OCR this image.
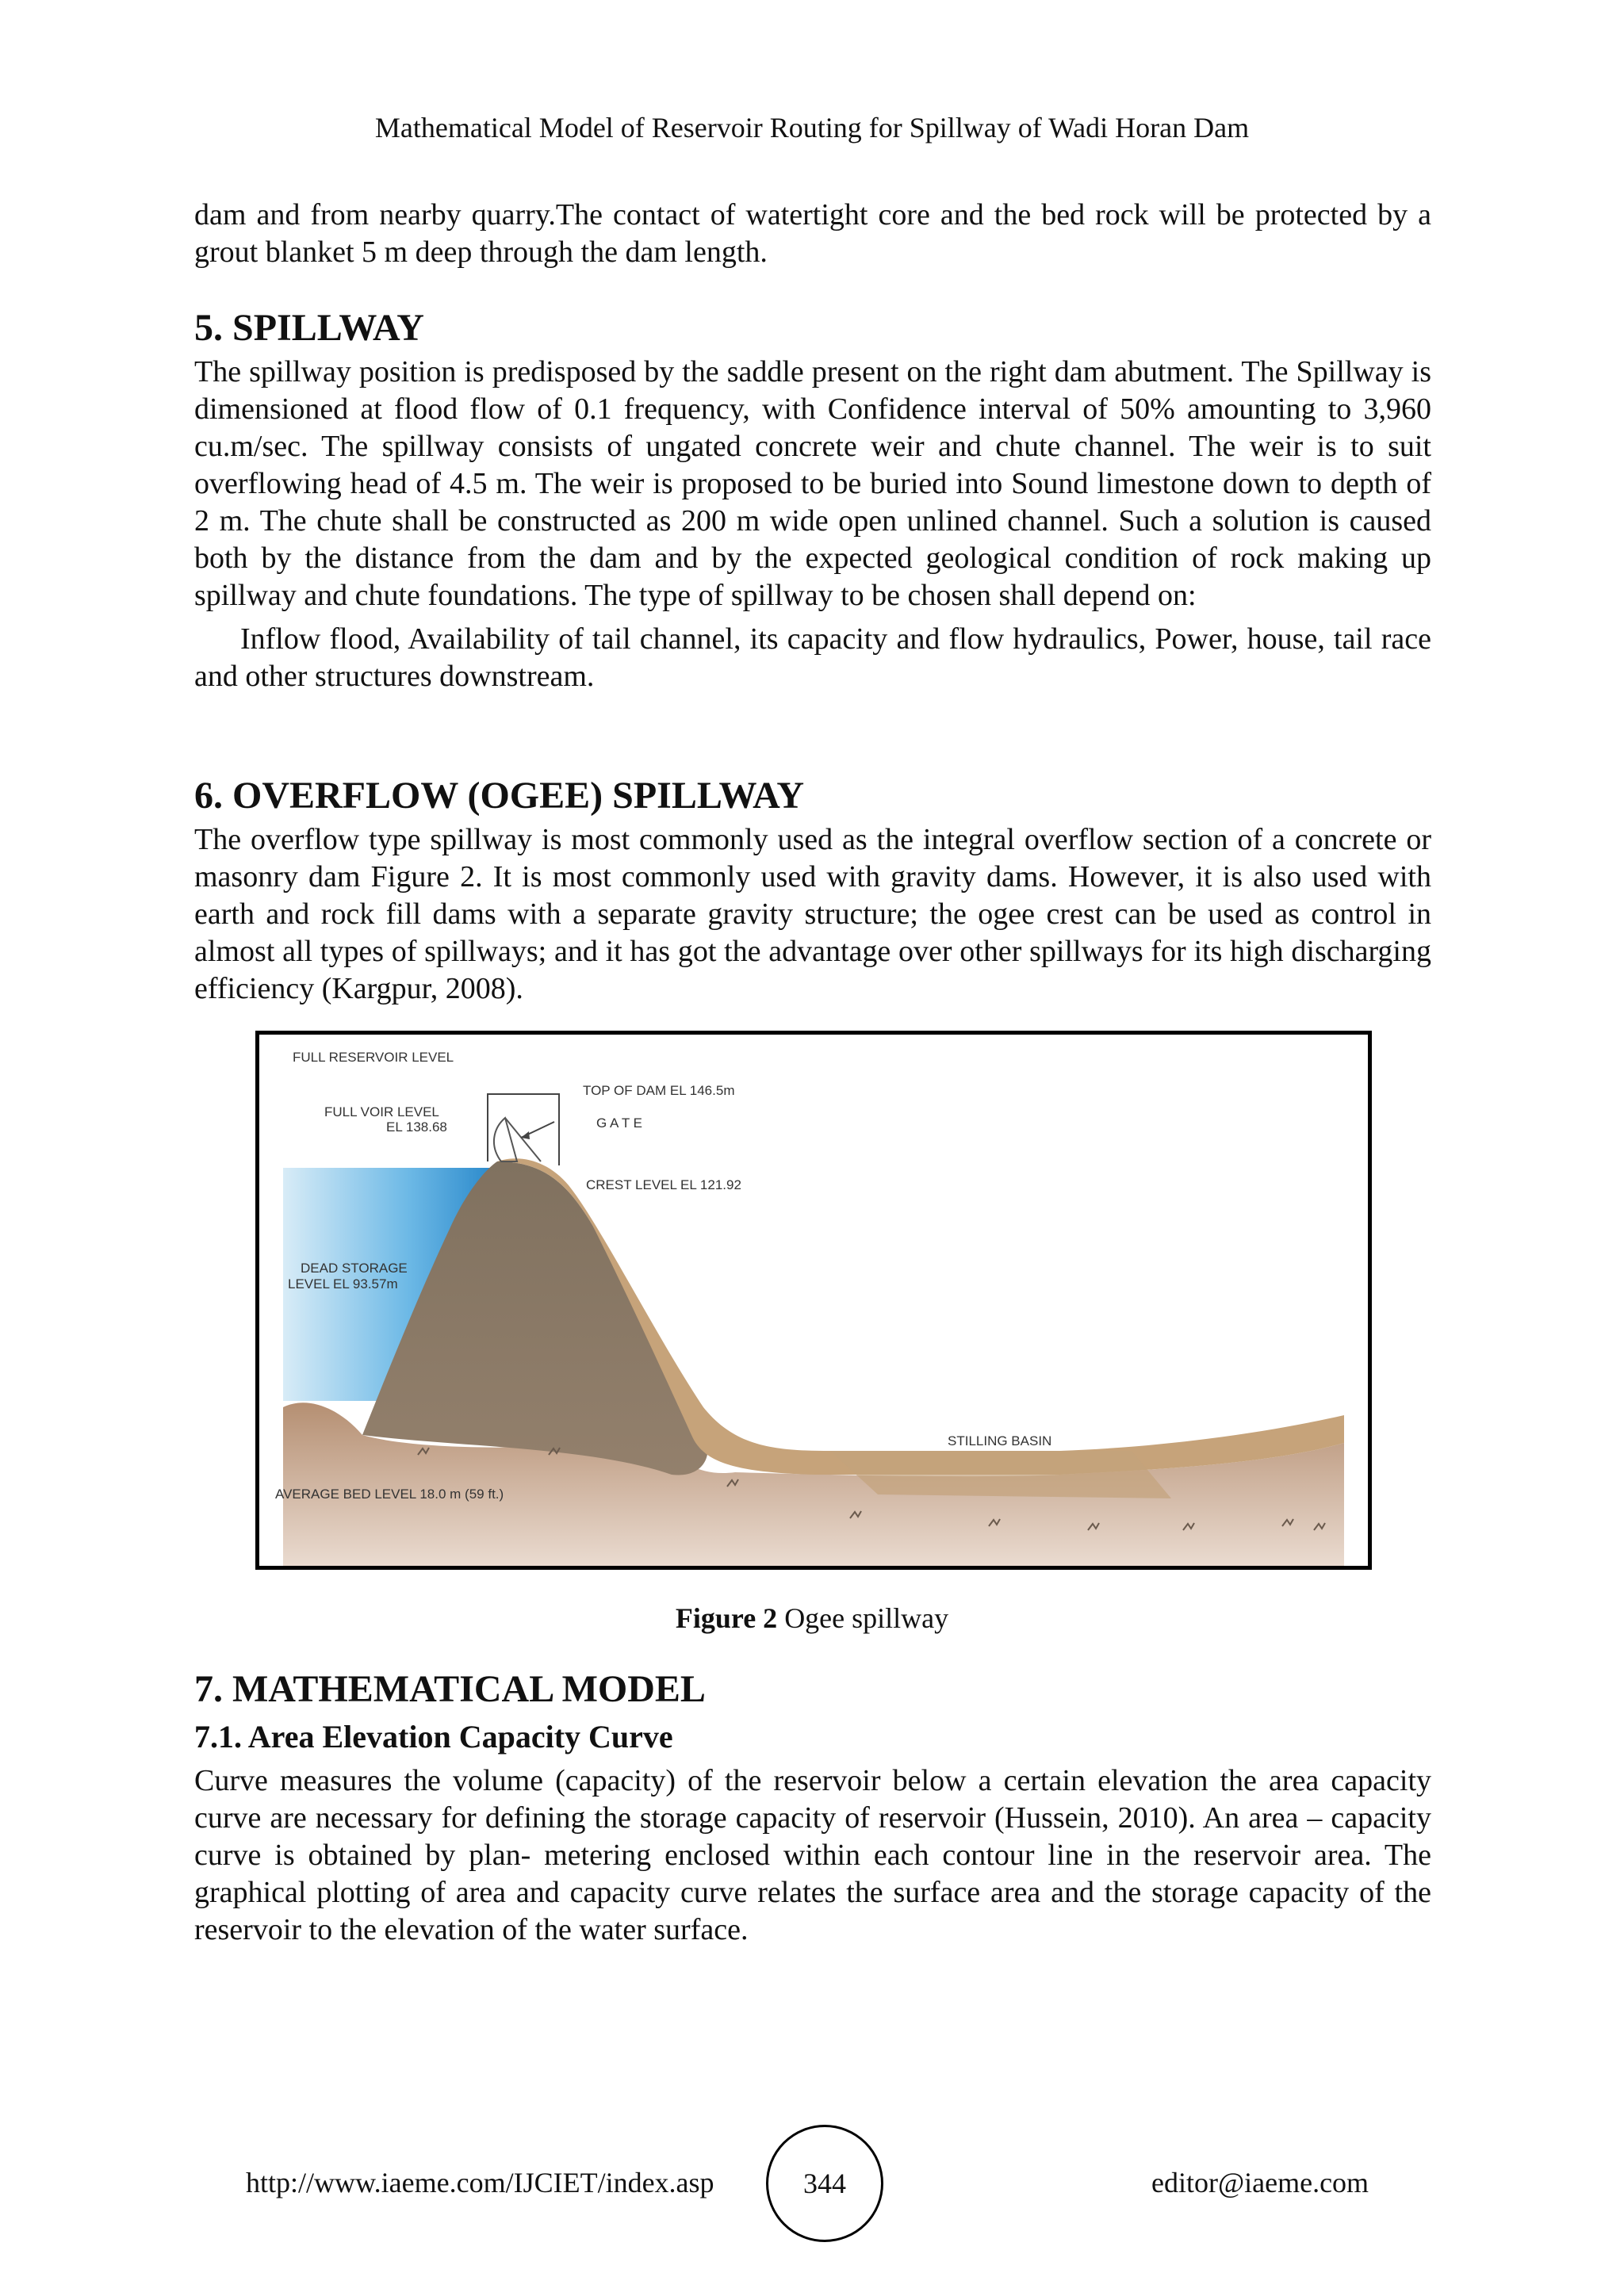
Mathematical Model of Reservoir Routing for Spillway of Wadi Horan Dam

dam and from nearby quarry.The contact of watertight core and the bed rock will be protected by a grout blanket 5 m deep through the dam length.

5. SPILLWAY

The spillway position is predisposed by the saddle present on the right dam abutment. The Spillway is dimensioned at flood flow of 0.1 frequency, with Confidence interval of 50% amounting to 3,960 cu.m/sec. The spillway consists of ungated concrete weir and chute channel. The weir is to suit overflowing head of 4.5 m. The weir is proposed to be buried into Sound limestone down to depth of 2 m. The chute shall be constructed as 200 m wide open unlined channel. Such a solution is caused both by the distance from the dam and by the expected geological condition of rock making up spillway and chute foundations. The type of spillway to be chosen shall depend on:

Inflow flood, Availability of tail channel, its capacity and flow hydraulics, Power, house, tail race and other structures downstream.

6. OVERFLOW (OGEE) SPILLWAY

The overflow type spillway is most commonly used as the integral overflow section of a concrete or masonry dam Figure 2. It is most commonly used with gravity dams. However, it is also used with earth and rock fill dams with a separate gravity structure; the ogee crest can be used as control in almost all types of spillways; and it has got the advantage over other spillways for its high discharging efficiency (Kargpur, 2008).

FULL RESERVOIR LEVEL
TOP OF DAM EL 146.5m
FULL VOIR LEVEL
EL 138.68	G A T E
CREST LEVEL EL 121.92
DEAD STORAGE
LEVEL EL 93.57m
STILLING BASIN
AVERAGE BED LEVEL 18.0 m (59 ft.)
Figure 2 Ogee spillway
7. MATHEMATICAL MODEL
7.1. Area Elevation Capacity Curve

Curve measures the volume (capacity) of the reservoir below a certain elevation the area capacity curve are necessary for defining the storage capacity of reservoir (Hussein, 2010). An area – capacity curve is obtained by plan- metering enclosed within each contour line in the reservoir area. The graphical plotting of area and capacity curve relates the surface area and the storage capacity of the reservoir to the elevation of the water surface.

http://www.iaeme.com/IJCIET/index.asp	344	editor@iaeme.com
